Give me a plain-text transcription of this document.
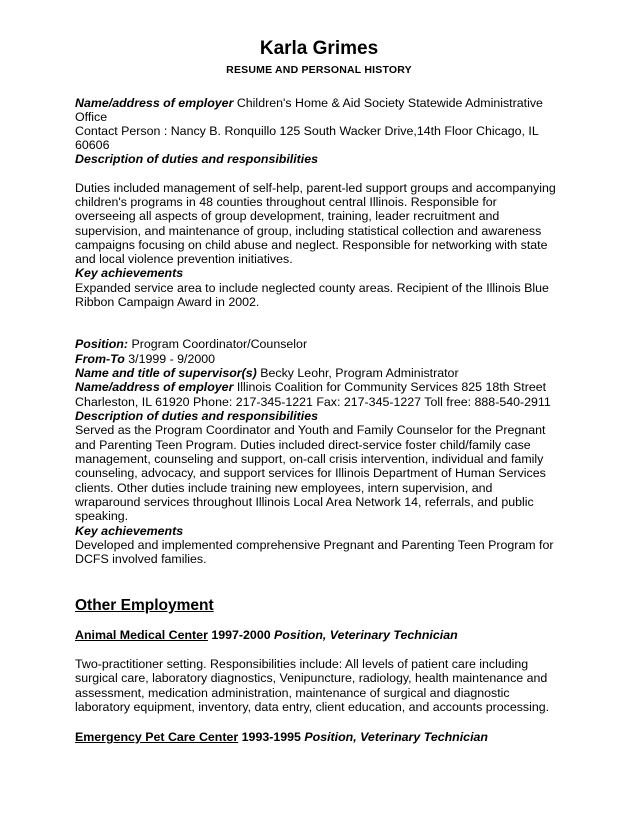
Karla Grimes
RESUME AND PERSONAL HISTORY
Name/address of employer Children's Home & Aid Society Statewide Administrative
Office
Contact Person : Nancy B. Ronquillo 125 South Wacker Drive,14th Floor Chicago, IL
60606
Description of duties and responsibilities
Duties included management of self-help, parent-led support groups and accompanying
children's programs in 48 counties throughout central Illinois. Responsible for
overseeing all aspects of group development, training, leader recruitment and
supervision, and maintenance of group, including statistical collection and awareness
campaigns focusing on child abuse and neglect. Responsible for networking with state
and local violence prevention initiatives.
Key achievements
Expanded service area to include neglected county areas. Recipient of the Illinois Blue
Ribbon Campaign Award in 2002.
Position: Program Coordinator/Counselor
From-To 3/1999 - 9/2000
Name and title of supervisor(s) Becky Leohr, Program Administrator
Name/address of employer Illinois Coalition for Community Services 825 18th Street
Charleston, IL 61920 Phone: 217-345-1221 Fax: 217-345-1227 Toll free: 888-540-2911
Description of duties and responsibilities
Served as the Program Coordinator and Youth and Family Counselor for the Pregnant
and Parenting Teen Program. Duties included direct-service foster child/family case
management, counseling and support, on-call crisis intervention, individual and family
counseling, advocacy, and support services for Illinois Department of Human Services
clients. Other duties include training new employees, intern supervision, and
wraparound services throughout Illinois Local Area Network 14, referrals, and public
speaking.
Key achievements
Developed and implemented comprehensive Pregnant and Parenting Teen Program for
DCFS involved families.
Other Employment
Animal Medical Center 1997-2000 Position, Veterinary Technician
Two-practitioner setting. Responsibilities include: All levels of patient care including
surgical care, laboratory diagnostics, Venipuncture, radiology, health maintenance and
assessment, medication administration, maintenance of surgical and diagnostic
laboratory equipment, inventory, data entry, client education, and accounts processing.
Emergency Pet Care Center 1993-1995 Position, Veterinary Technician
